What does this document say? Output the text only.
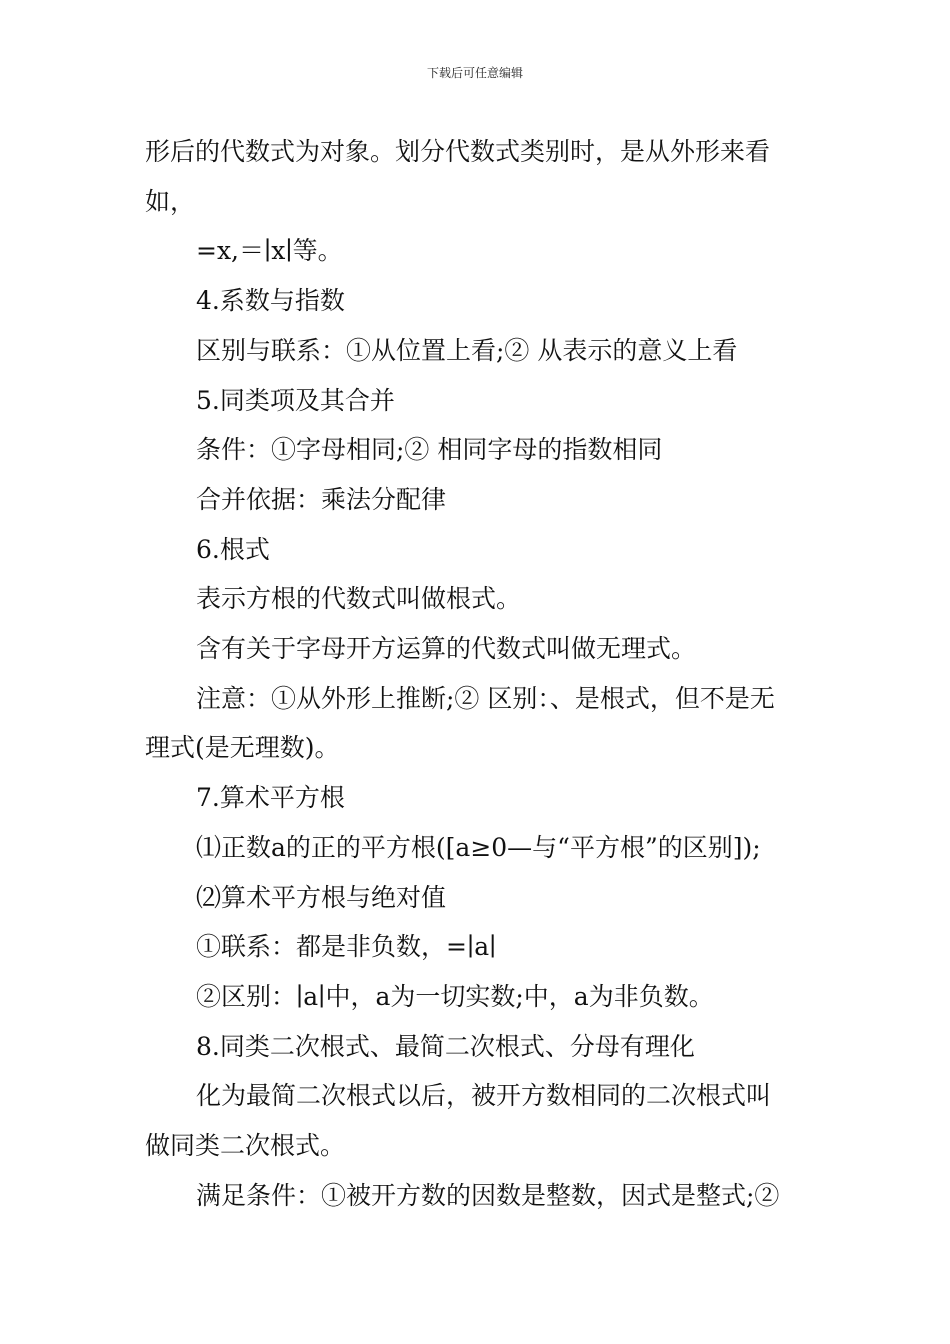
下载后可任意编辑

形后的代数式为对象。划分代数式类别时，是从外形来看

如，

=x,＝∣x∣等。

4.系数与指数

区别与联系：①从位置上看;② 从表示的意义上看

5.同类项及其合并

条件：①字母相同;② 相同字母的指数相同

合并依据：乘法分配律

6.根式

表示方根的代数式叫做根式。

含有关于字母开方运算的代数式叫做无理式。

注意：①从外形上推断;② 区别：、是根式，但不是无

理式(是无理数)。

7.算术平方根

⑴正数a的正的平方根([a≥0—与“平方根”的区别]);

⑵算术平方根与绝对值

①联系：都是非负数，=∣a∣

②区别：∣a∣中，a为一切实数;中，a为非负数。

8.同类二次根式、最简二次根式、分母有理化

化为最简二次根式以后，被开方数相同的二次根式叫

做同类二次根式。

满足条件：①被开方数的因数是整数，因式是整式;②
